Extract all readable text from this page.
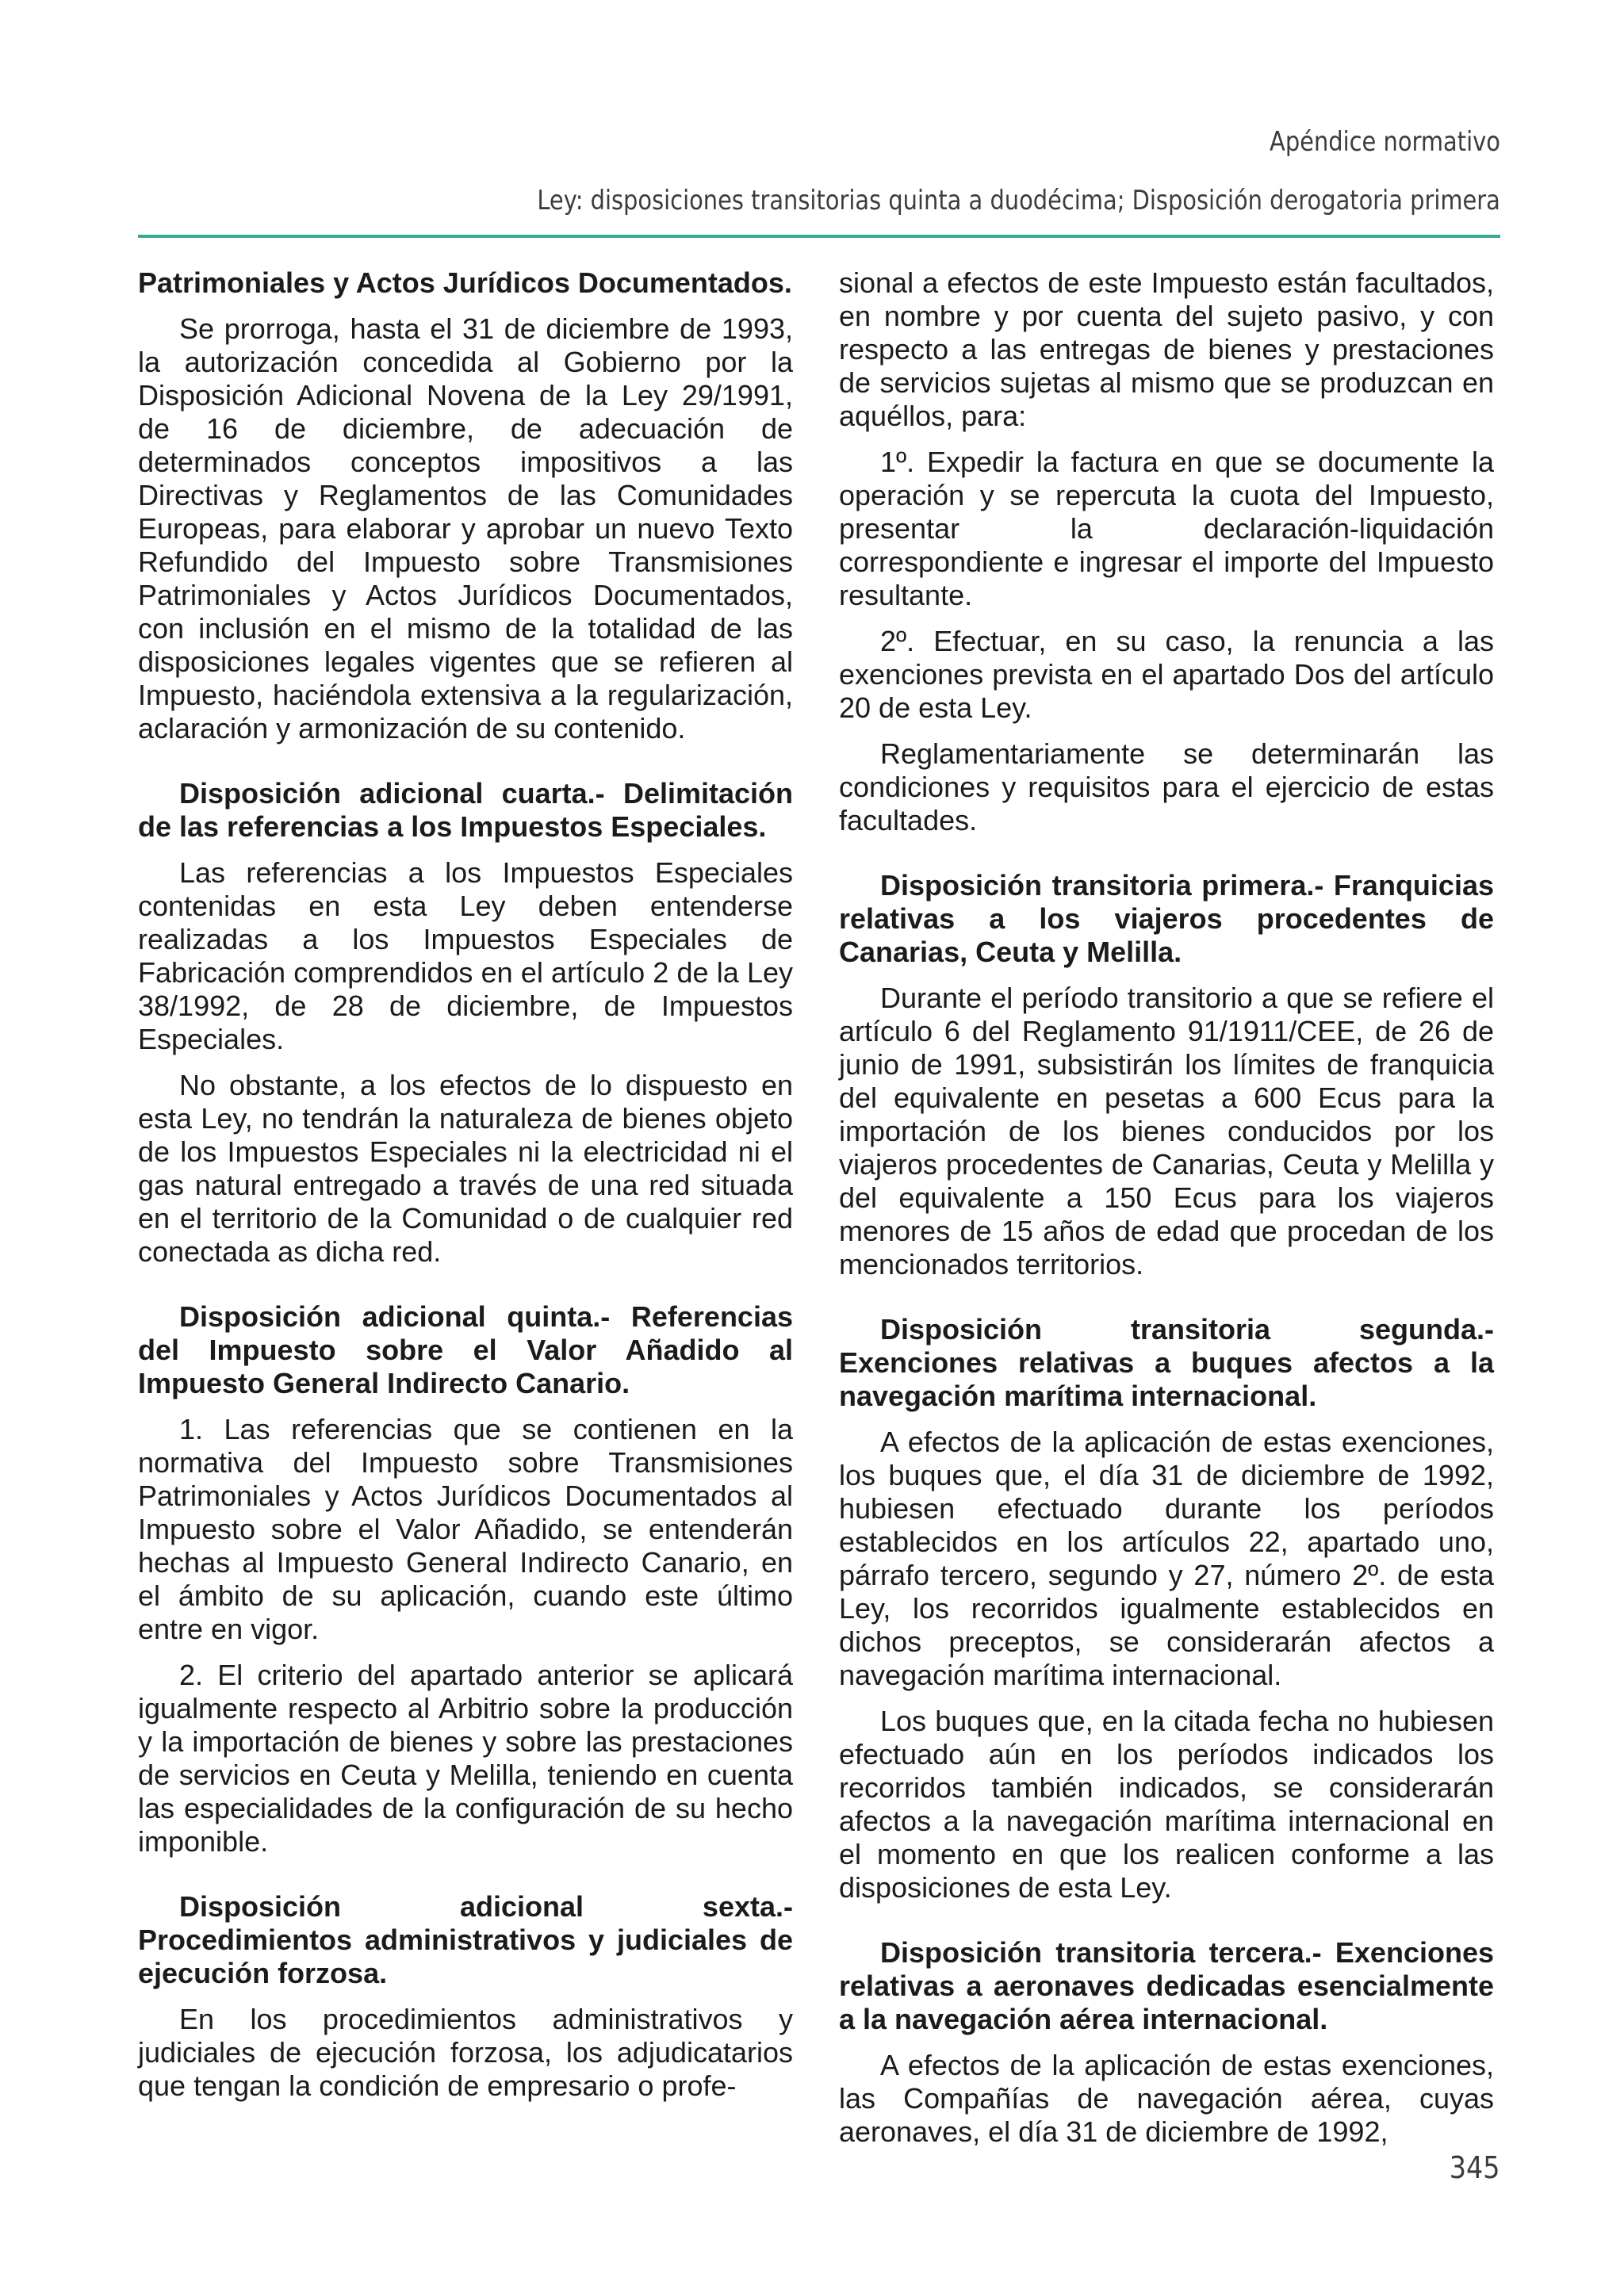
Apéndice normativo
Ley: disposiciones transitorias quinta a duodécima; Disposición derogatoria primera
Patrimoniales y Actos Jurídicos Documentados.

Se prorroga, hasta el 31 de diciembre de 1993, la autorización concedida al Gobierno por la Disposición Adicional Novena de la Ley 29/1991, de 16 de diciembre, de adecuación de determinados conceptos impositivos a las Directivas y Reglamentos de las Comunidades Europeas, para elaborar y aprobar un nuevo Texto Refundido del Impuesto sobre Transmisiones Patrimoniales y Actos Jurídicos Documentados, con inclusión en el mismo de la totalidad de las disposiciones legales vigentes que se refieren al Impuesto, haciéndola extensiva a la regularización, aclaración y armonización de su contenido.

Disposición adicional cuarta.- Delimitación de las referencias a los Impuestos Especiales.

Las referencias a los Impuestos Especiales contenidas en esta Ley deben entenderse realizadas a los Impuestos Especiales de Fabricación comprendidos en el artículo 2 de la Ley 38/1992, de 28 de diciembre, de Impuestos Especiales.

No obstante, a los efectos de lo dispuesto en esta Ley, no tendrán la naturaleza de bienes objeto de los Impuestos Especiales ni la electricidad ni el gas natural entregado a través de una red situada en el territorio de la Comunidad o de cualquier red conectada as dicha red.

Disposición adicional quinta.- Referencias del Impuesto sobre el Valor Añadido al Impuesto General Indirecto Canario.

1. Las referencias que se contienen en la normativa del Impuesto sobre Transmisiones Patrimoniales y Actos Jurídicos Documentados al Impuesto sobre el Valor Añadido, se entenderán hechas al Impuesto General Indirecto Canario, en el ámbito de su aplicación, cuando este último entre en vigor.

2. El criterio del apartado anterior se aplicará igualmente respecto al Arbitrio sobre la producción y la importación de bienes y sobre las prestaciones de servicios en Ceuta y Melilla, teniendo en cuenta las especialidades de la configuración de su hecho imponible.

Disposición adicional sexta.- Procedimientos administrativos y judiciales de ejecución forzosa.

En los procedimientos administrativos y judiciales de ejecución forzosa, los adjudicatarios que tengan la condición de empresario o profe-

sional a efectos de este Impuesto están facultados, en nombre y por cuenta del sujeto pasivo, y con respecto a las entregas de bienes y prestaciones de servicios sujetas al mismo que se produzcan en aquéllos, para:

1º. Expedir la factura en que se documente la operación y se repercuta la cuota del Impuesto, presentar la declaración-liquidación correspondiente e ingresar el importe del Impuesto resultante.

2º. Efectuar, en su caso, la renuncia a las exenciones prevista en el apartado Dos del artículo 20 de esta Ley.

Reglamentariamente se determinarán las condiciones y requisitos para el ejercicio de estas facultades.

Disposición transitoria primera.- Franquicias relativas a los viajeros procedentes de Canarias, Ceuta y Melilla.

Durante el período transitorio a que se refiere el artículo 6 del Reglamento 91/1911/CEE, de 26 de junio de 1991, subsistirán los límites de franquicia del equivalente en pesetas a 600 Ecus para la importación de los bienes conducidos por los viajeros procedentes de Canarias, Ceuta y Melilla y del equivalente a 150 Ecus para los viajeros menores de 15 años de edad que procedan de los mencionados territorios.

Disposición transitoria segunda.- Exenciones relativas a buques afectos a la navegación marítima internacional.

A efectos de la aplicación de estas exenciones, los buques que, el día 31 de diciembre de 1992, hubiesen efectuado durante los períodos establecidos en los artículos 22, apartado uno, párrafo tercero, segundo y 27, número 2º. de esta Ley, los recorridos igualmente establecidos en dichos preceptos, se considerarán afectos a navegación marítima internacional.

Los buques que, en la citada fecha no hubiesen efectuado aún en los períodos indicados los recorridos también indicados, se considerarán afectos a la navegación marítima internacional en el momento en que los realicen conforme a las disposiciones de esta Ley.

Disposición transitoria tercera.- Exenciones relativas a aeronaves dedicadas esencialmente a la navegación aérea internacional.

A efectos de la aplicación de estas exenciones, las Compañías de navegación aérea, cuyas aeronaves, el día 31 de diciembre de 1992,

345
